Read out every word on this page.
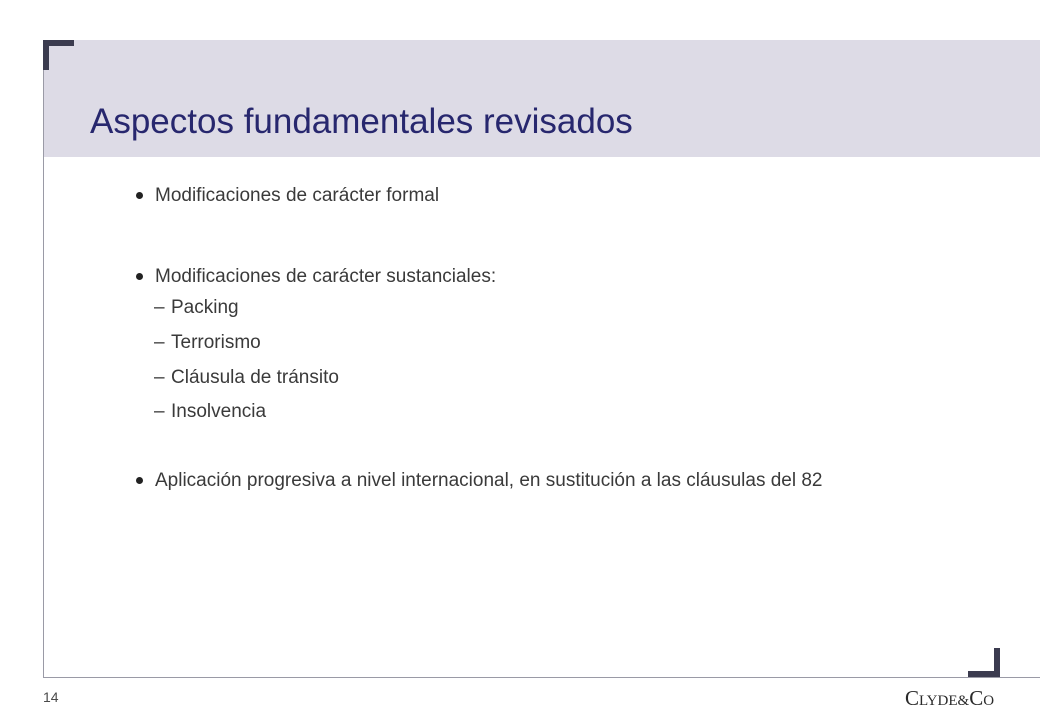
Aspectos fundamentales revisados
Modificaciones de carácter formal
Modificaciones de carácter sustanciales:
– Packing
– Terrorismo
– Cláusula de tránsito
– Insolvencia
Aplicación progresiva a nivel internacional, en sustitución a las cláusulas del 82
14	CLYDE&CO
